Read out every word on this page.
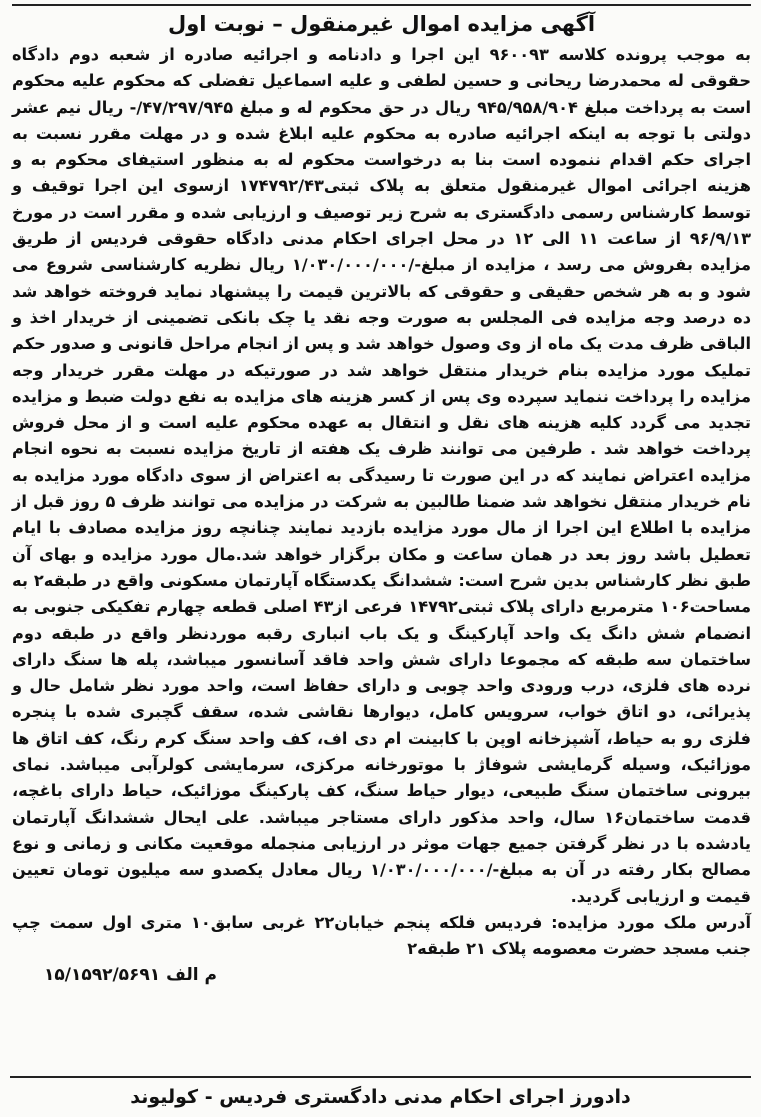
آگهی مزایده اموال غیرمنقول – نوبت اول

به موجب پرونده کلاسه ۹۶۰۰۹۳ این اجرا و دادنامه و اجرائیه صادره از شعبه دوم دادگاه حقوقی له محمدرضا ریحانی و حسین لطفی و علیه اسماعیل تفضلی که محکوم علیه محکوم است به پرداخت مبلغ ۹۴۵/۹۵۸/۹۰۴ ریال در حق محکوم له و مبلغ ۴۷/۲۹۷/۹۴۵/- ریال نیم عشر دولتی با توجه به اینکه اجرائیه صادره به محکوم علیه ابلاغ شده و در مهلت مقرر نسبت به اجرای حکم اقدام ننموده است بنا به درخواست محکوم له به منظور استیفای محکوم به و هزینه اجرائی اموال غیرمنقول متعلق به پلاک ثبتی۱۷۴۷۹۲/۴۳ ازسوی این اجرا توقیف و توسط کارشناس رسمی دادگستری به شرح زیر توصیف و ارزیابی شده و مقرر است در مورخ ۹۶/۹/۱۳ از ساعت ۱۱ الی ۱۲ در محل اجرای احکام مدنی دادگاه حقوقی فردیس از طریق مزایده بفروش می رسد ، مزایده از مبلغ-/۱/۰۳۰/۰۰۰/۰۰۰ ریال نظریه کارشناسی شروع می شود و به هر شخص حقیقی و حقوقی که بالاترین قیمت را پیشنهاد نماید فروخته خواهد شد ده درصد وجه مزایده فی المجلس به صورت وجه نقد یا چک بانکی تضمینی از خریدار اخذ و الباقی ظرف مدت یک ماه از وی وصول خواهد شد و پس از انجام مراحل قانونی و صدور حکم تملیک مورد مزایده بنام خریدار منتقل خواهد شد در صورتیکه در مهلت مقرر خریدار وجه مزایده را پرداخت ننماید سپرده وی پس از کسر هزینه های مزایده به نفع دولت ضبط و مزایده تجدید می گردد کلیه هزینه های نقل و انتقال به عهده محکوم علیه است و از محل فروش پرداخت خواهد شد . طرفین می توانند ظرف یک هفته از تاریخ مزایده نسبت به نحوه انجام مزایده اعتراض نمایند که در این صورت تا رسیدگی به اعتراض از سوی دادگاه مورد مزایده به نام خریدار منتقل نخواهد شد ضمنا طالبین به شرکت در مزایده می توانند ظرف ۵ روز قبل از مزایده با اطلاع این اجرا از مال مورد مزایده بازدید نمایند چنانچه روز مزایده مصادف با ایام تعطیل باشد روز بعد در همان ساعت و مکان برگزار خواهد شد.مال مورد مزایده و بهای آن طبق نظر کارشناس بدین شرح است: ششدانگ یکدستگاه آپارتمان مسکونی واقع در طبقه۲ به مساحت۱۰۶ مترمربع دارای پلاک ثبتی۱۴۷۹۲ فرعی از۴۳ اصلی قطعه چهارم تفکیکی جنوبی به انضمام شش دانگ یک واحد آپارکینگ و یک باب انباری رقبه موردنظر واقع در طبقه دوم ساختمان سه طبقه که مجموعا دارای شش واحد فاقد آسانسور میباشد، پله ها سنگ دارای نرده های فلزی، درب ورودی واحد چوبی و دارای حفاظ است، واحد مورد نظر شامل حال و پذیرائی، دو اتاق خواب، سرویس کامل، دیوارها نقاشی شده، سقف گچبری شده با پنجره فلزی رو به حیاط، آشپزخانه اوپن با کابینت ام دی اف، کف واحد سنگ کرم رنگ، کف اتاق ها موزائیک، وسیله گرمایشی شوفاژ با موتورخانه مرکزی، سرمایشی کولرآبی میباشد. نمای بیرونی ساختمان سنگ طبیعی، دیوار حیاط سنگ، کف پارکینگ موزائیک، حیاط دارای باغچه، قدمت ساختمان۱۶ سال، واحد مذکور دارای مستاجر میباشد. علی ایحال ششدانگ آپارتمان یادشده با در نظر گرفتن جمیع جهات موثر در ارزیابی منجمله موقعیت مکانی و زمانی و نوع مصالح بکار رفته در آن به مبلغ-/۱/۰۳۰/۰۰۰/۰۰۰ ریال معادل یکصدو سه میلیون تومان تعیین قیمت و ارزیابی گردید.

آدرس ملک مورد مزایده: فردیس فلکه پنجم خیابان۲۲ غربی سابق۱۰ متری اول سمت چپ جنب مسجد حضرت معصومه پلاک ۲۱ طبقه۲

م الف ۱۵/۱۵۹۲/۵۶۹۱
دادورز اجرای احکام مدنی دادگستری فردیس - کولیوند
